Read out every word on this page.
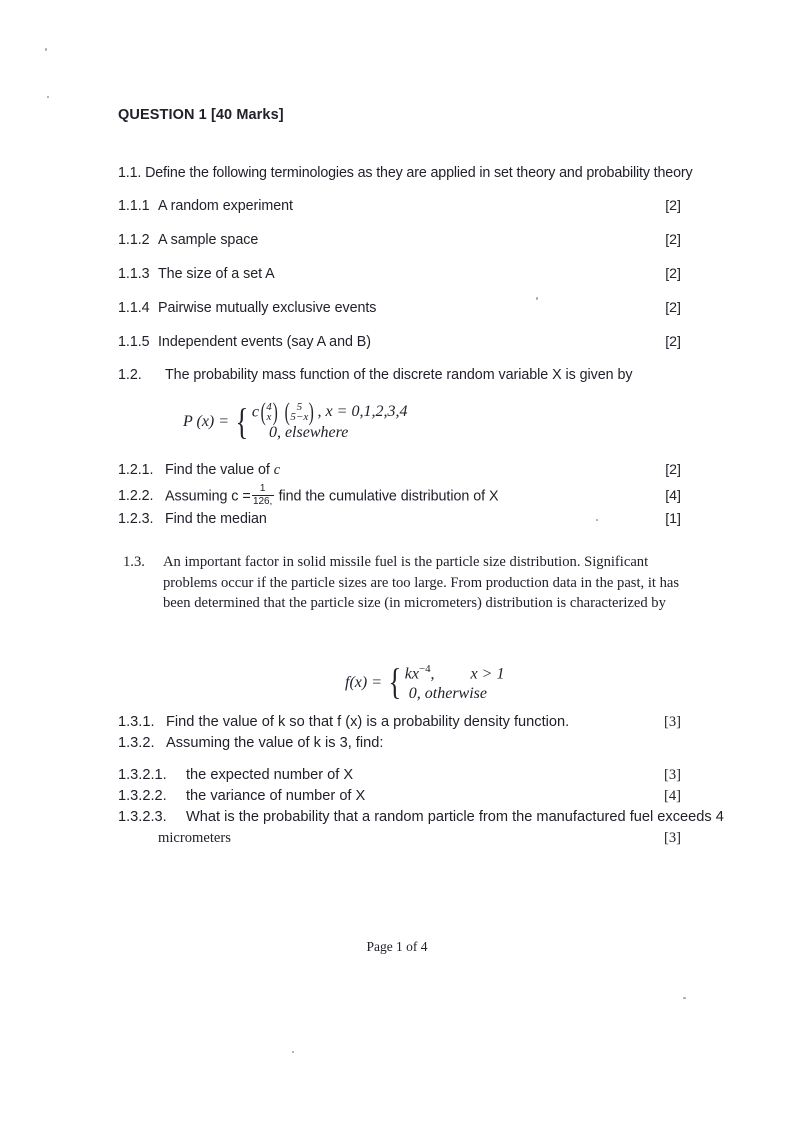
QUESTION 1 [40 Marks]
1.1. Define the following terminologies as they are applied in set theory and probability theory
1.1.1 A random experiment	[2]
1.1.2 A sample space	[2]
1.1.3 The size of a set A	[2]
1.1.4 Pairwise mutually exclusive events	[2]
1.1.5 Independent events (say A and B)	[2]
1.2.	The probability mass function of the discrete random variable X is given by
P (x) = { c ( 4
x )
( 5
5−x ) , x = 0,1,2,3,4
0, elsewhere
1.2.1. Find the value of c	[2]
1.2.2. Assuming $c = \frac{1}{126,}$ find the cumulative distribution of X	[4]
1.2.3. Find the median	[1]
1.3. An important factor in solid missile fuel is the particle size distribution. Significant problems occur if the particle sizes are too large. From production data in the past, it has been determined that the particle size (in micrometers) distribution is characterized by
f(x) = { $kx^{-4}$, x > 1
0, otherwise
1.3.1. Find the value of k so that f (x) is a probability density function.	[3]
1.3.2. Assuming the value of k is 3, find:
1.3.2.1.	the expected number of X	[3]
1.3.2.2.	the variance of number of X	[4]
1.3.2.3.	What is the probability that a random particle from the manufactured fuel exceeds 4
micrometers	[3]
Page 1 of 4
